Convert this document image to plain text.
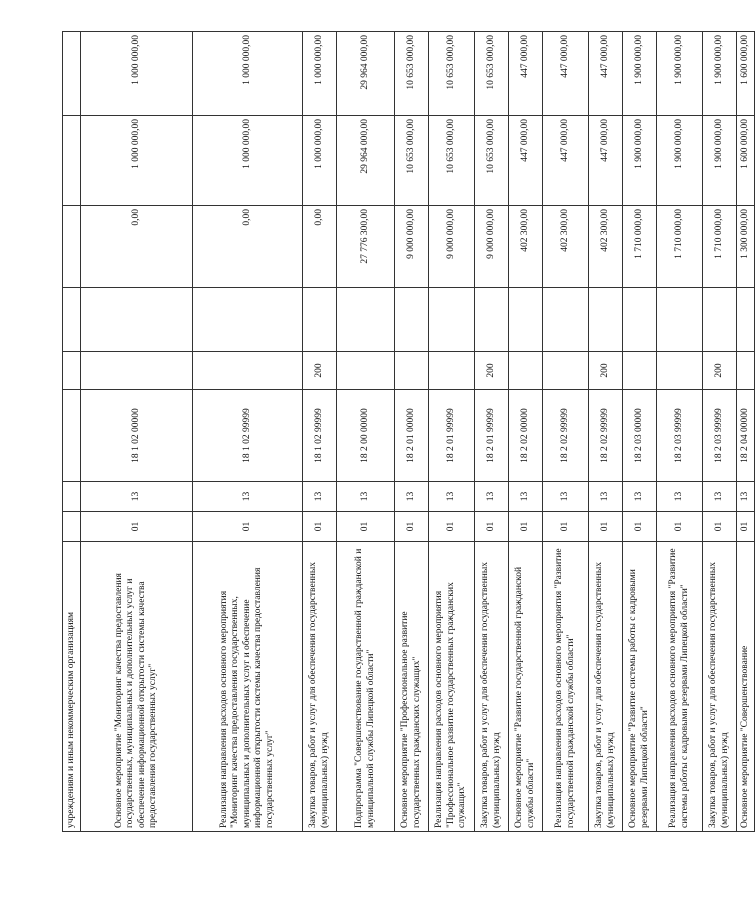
учреждениям и иным некоммерческим организациям								
Основное мероприятие "Мониторинг качества предоставления государственных, муниципальных и дополнительных услуг и обеспечение информационной открытости системы качества предоставления государственных услуг"	01	13	18 1 02 00000			0,00	1 000 000,00	1 000 000,00
Реализация направления расходов основного мероприятия "Мониторинг качества предоставления государственных, муниципальных и дополнительных услуг и обеспечение информационной открытости системы качества предоставления государственных услуг"	01	13	18 1 02 99999			0,00	1 000 000,00	1 000 000,00
Закупка товаров, работ и услуг для обеспечения государственных (муниципальных) нужд	01	13	18 1 02 99999	200		0,00	1 000 000,00	1 000 000,00
Подпрограмма "Совершенствование государственной гражданской и муниципальной службы Липецкой области"	01	13	18 2 00 00000			27 776 300,00	29 964 000,00	29 964 000,00
Основное мероприятие "Профессиональное развитие государственных гражданских служащих"	01	13	18 2 01 00000			9 000 000,00	10 653 000,00	10 653 000,00
Реализация направления расходов основного мероприятия "Профессиональное развитие государственных гражданских служащих"	01	13	18 2 01 99999			9 000 000,00	10 653 000,00	10 653 000,00
Закупка товаров, работ и услуг для обеспечения государственных (муниципальных) нужд	01	13	18 2 01 99999	200		9 000 000,00	10 653 000,00	10 653 000,00
Основное мероприятие "Развитие государственной гражданской службы области"	01	13	18 2 02 00000			402 300,00	447 000,00	447 000,00
Реализация направления расходов основного мероприятия "Развитие государственной гражданской службы области"	01	13	18 2 02 99999			402 300,00	447 000,00	447 000,00
Закупка товаров, работ и услуг для обеспечения государственных (муниципальных) нужд	01	13	18 2 02 99999	200		402 300,00	447 000,00	447 000,00
Основное мероприятие "Развитие системы работы с кадровыми резервами Липецкой области"	01	13	18 2 03 00000			1 710 000,00	1 900 000,00	1 900 000,00
Реализация направления расходов основного мероприятия "Развитие системы работы с кадровыми резервами Липецкой области"	01	13	18 2 03 99999			1 710 000,00	1 900 000,00	1 900 000,00
Закупка товаров, работ и услуг для обеспечения государственных (муниципальных) нужд	01	13	18 2 03 99999	200		1 710 000,00	1 900 000,00	1 900 000,00
Основное мероприятие "Совершенствование	01	13	18 2 04 00000			1 300 000,00	1 600 000,00	1 600 000,00
